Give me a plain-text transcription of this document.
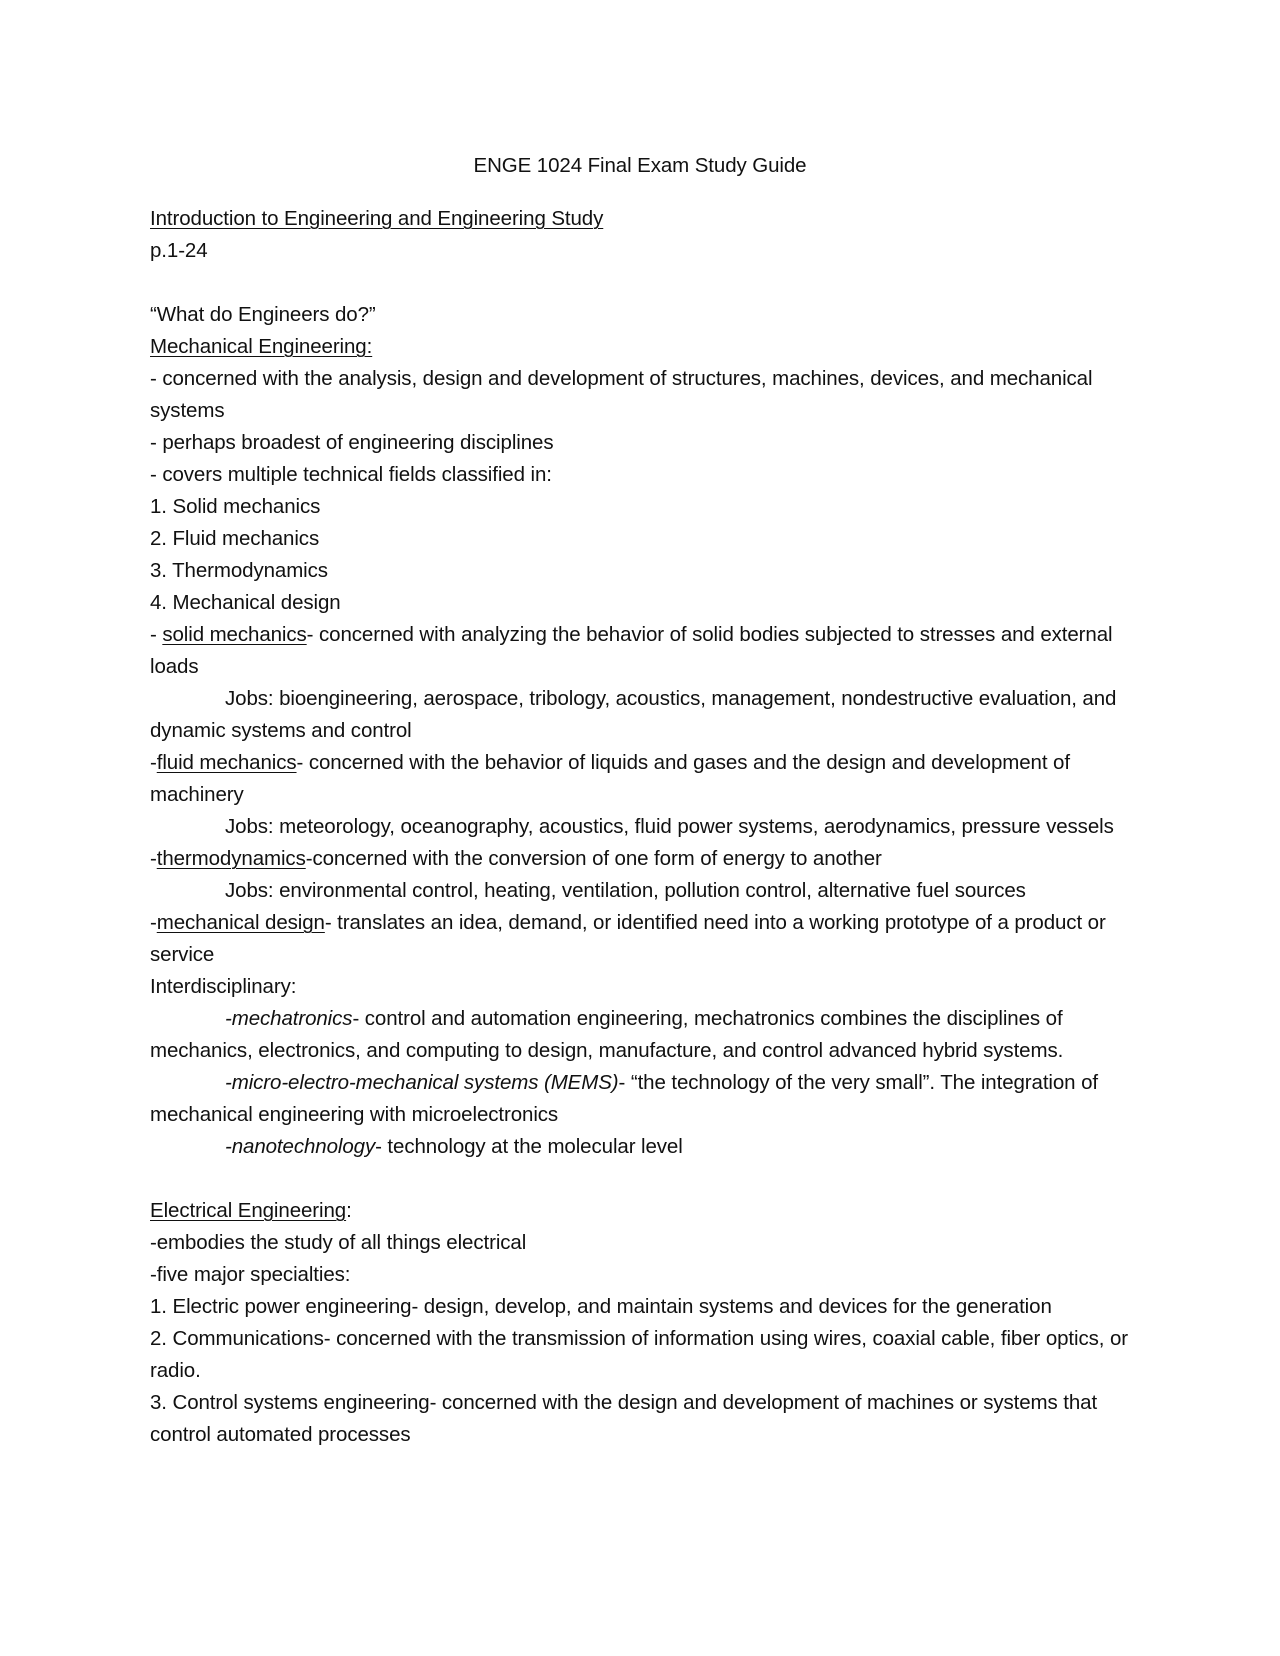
ENGE 1024 Final Exam Study Guide
Introduction to Engineering and Engineering Study
p.1-24
“What do Engineers do?”
Mechanical Engineering:
- concerned with the analysis, design and development of structures, machines, devices, and mechanical systems
- perhaps broadest of engineering disciplines
- covers multiple technical fields classified in:
1. Solid mechanics
2. Fluid mechanics
3. Thermodynamics
4. Mechanical design
- solid mechanics- concerned with analyzing the behavior of solid bodies subjected to stresses and external loads
Jobs: bioengineering, aerospace, tribology, acoustics, management, nondestructive evaluation, and dynamic systems and control
-fluid mechanics- concerned with the behavior of liquids and gases and the design and development of machinery
Jobs: meteorology, oceanography, acoustics, fluid power systems, aerodynamics, pressure vessels
-thermodynamics-concerned with the conversion of one form of energy to another
Jobs: environmental control, heating, ventilation, pollution control, alternative fuel sources
-mechanical design- translates an idea, demand, or identified need into a working prototype of a product or service
Interdisciplinary:
-mechatronics- control and automation engineering, mechatronics combines the disciplines of mechanics, electronics, and computing to design, manufacture, and control advanced hybrid systems.
-micro-electro-mechanical systems (MEMS)- “the technology of the very small”. The integration of mechanical engineering with microelectronics
-nanotechnology- technology at the molecular level
Electrical Engineering:
-embodies the study of all things electrical
-five major specialties:
1. Electric power engineering- design, develop, and maintain systems and devices for the generation
2. Communications- concerned with the transmission of information using wires, coaxial cable, fiber optics, or radio.
3. Control systems engineering- concerned with the design and development of machines or systems that control automated processes
